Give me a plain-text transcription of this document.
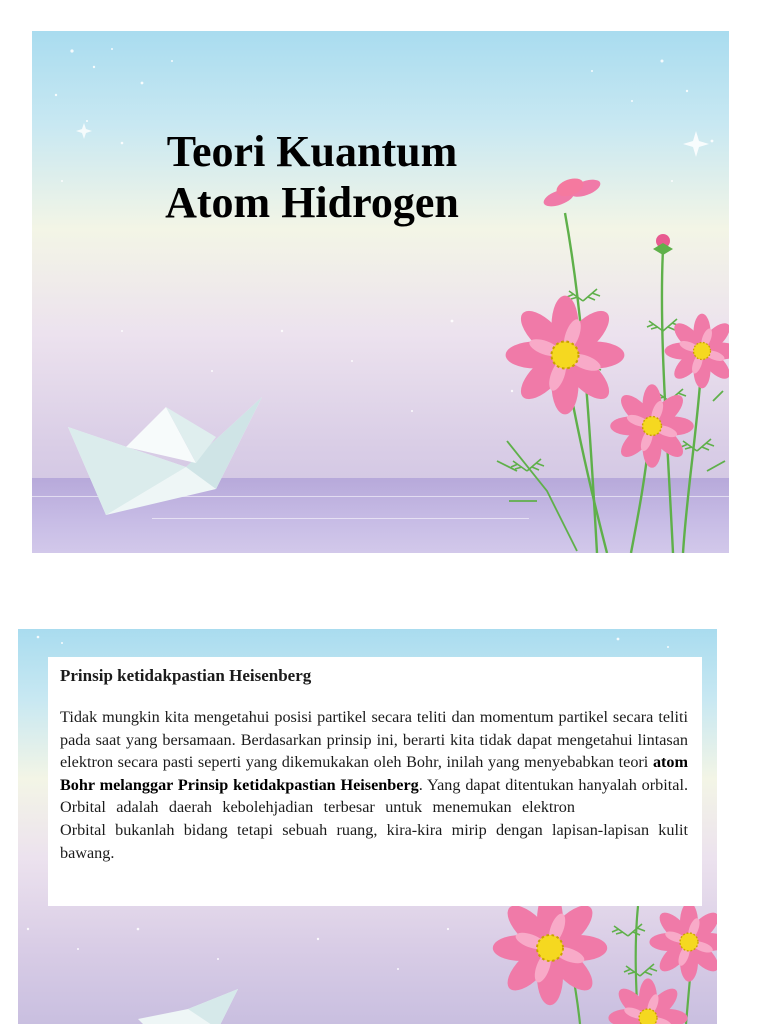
Teori Kuantum
Atom Hidrogen
Prinsip ketidakpastian Heisenberg

Tidak mungkin kita mengetahui posisi partikel secara teliti dan momentum partikel secara teliti pada saat yang bersamaan. Berdasarkan prinsip ini, berarti kita tidak dapat mengetahui lintasan elektron secara pasti seperti yang dikemukakan oleh Bohr, inilah yang menyebabkan teori atom Bohr melanggar Prinsip ketidakpastian Heisenberg. Yang dapat ditentukan hanyalah orbital. Orbital adalah daerah kebolehjadian terbesar untuk menemukan elektronOrbital bukanlah bidang tetapi sebuah ruang, kira-kira mirip dengan lapisan-lapisan kulit bawang.
